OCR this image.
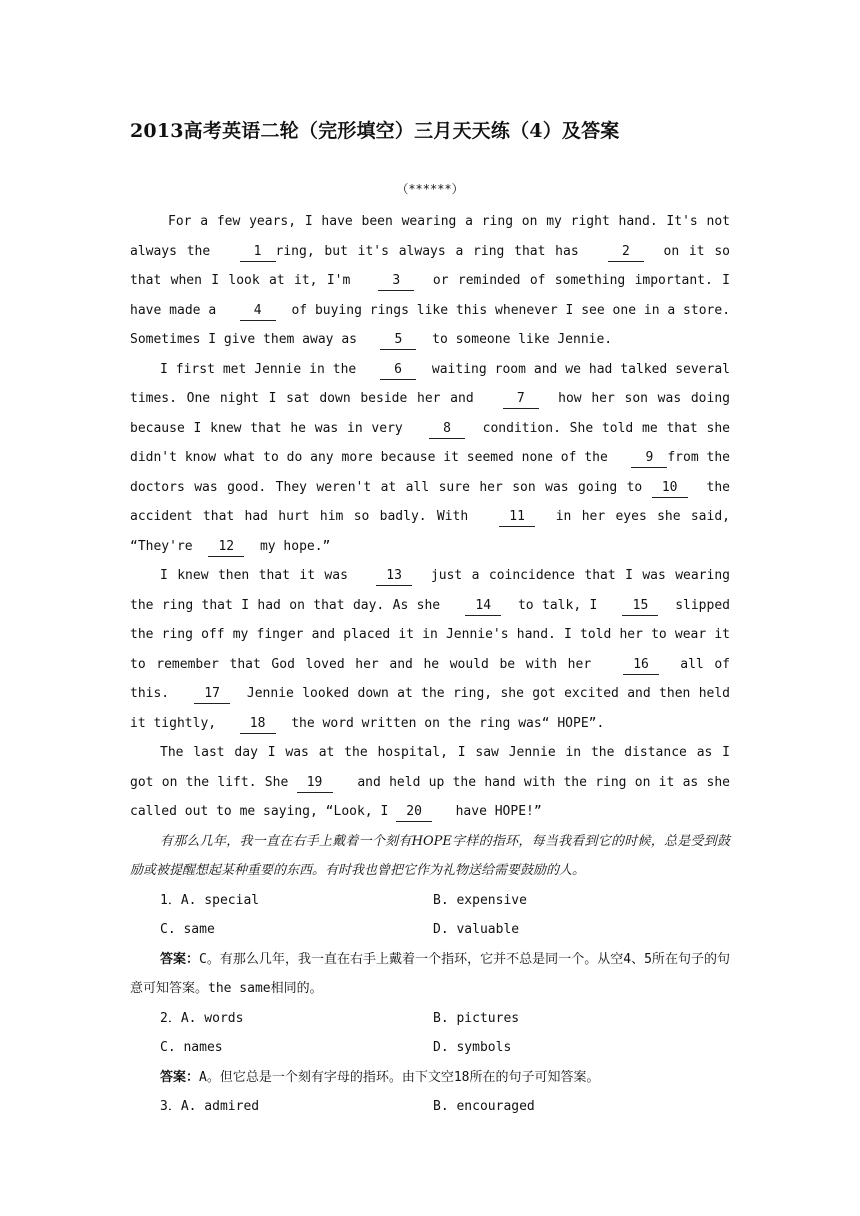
2013高考英语二轮（完形填空）三月天天练（4）及答案
（******）

For a few years, I have been wearing a ring on my right hand. It's not always the	1 ring, but it's always a ring that has	2	on it so that when I look at it, I'm	3	or reminded of something important. I have made a	4 of buying rings like this whenever I see one in a store. Sometimes I give them away as	5 to someone like Jennie.

I first met Jennie in the	6 waiting room and we had talked several times. One night I sat down beside her and	7	how her son was doing because I knew that he was in very	8 condition. She told me that she didn't know what to do any more because it seemed none of the	9 from the doctors was good. They weren't at all sure her son was going to 10 the accident that had hurt him so badly. With	11 in her eyes she said, “They're 12 my hope.”

I knew then that it was	13 just a coincidence that I was wearing the ring that I had on that day. As she	14 to talk, I	15 slipped the ring off my finger and placed it in Jennie's hand. I told her to wear it to remember that God loved her and he would be with her	16 all of this.	17 Jennie looked down at the ring, she got excited and then held it tightly,	18 the word written on the ring was“ HOPE”.

The last day I was at the hospital, I saw Jennie in the distance as I got on the lift. She 19	and held up the hand with the ring on it as she called out to me saying, “Look, I 20	have HOPE!”

有那么几年，我一直在右手上戴着一个刻有HOPE字样的指环，每当我看到它的时候，总是受到鼓励或被提醒想起某种重要的东西。有时我也曾把它作为礼物送给需要鼓励的人。

1．A. special	B. expensive
C. same	D. valuable

答案：C。有那么几年，我一直在右手上戴着一个指环，它并不总是同一个。从空4、5所在句子的句意可知答案。the same相同的。

2．A. words	B. pictures
C. names	D. symbols

答案：A。但它总是一个刻有字母的指环。由下文空18所在的句子可知答案。

3．A. admired	B. encouraged
